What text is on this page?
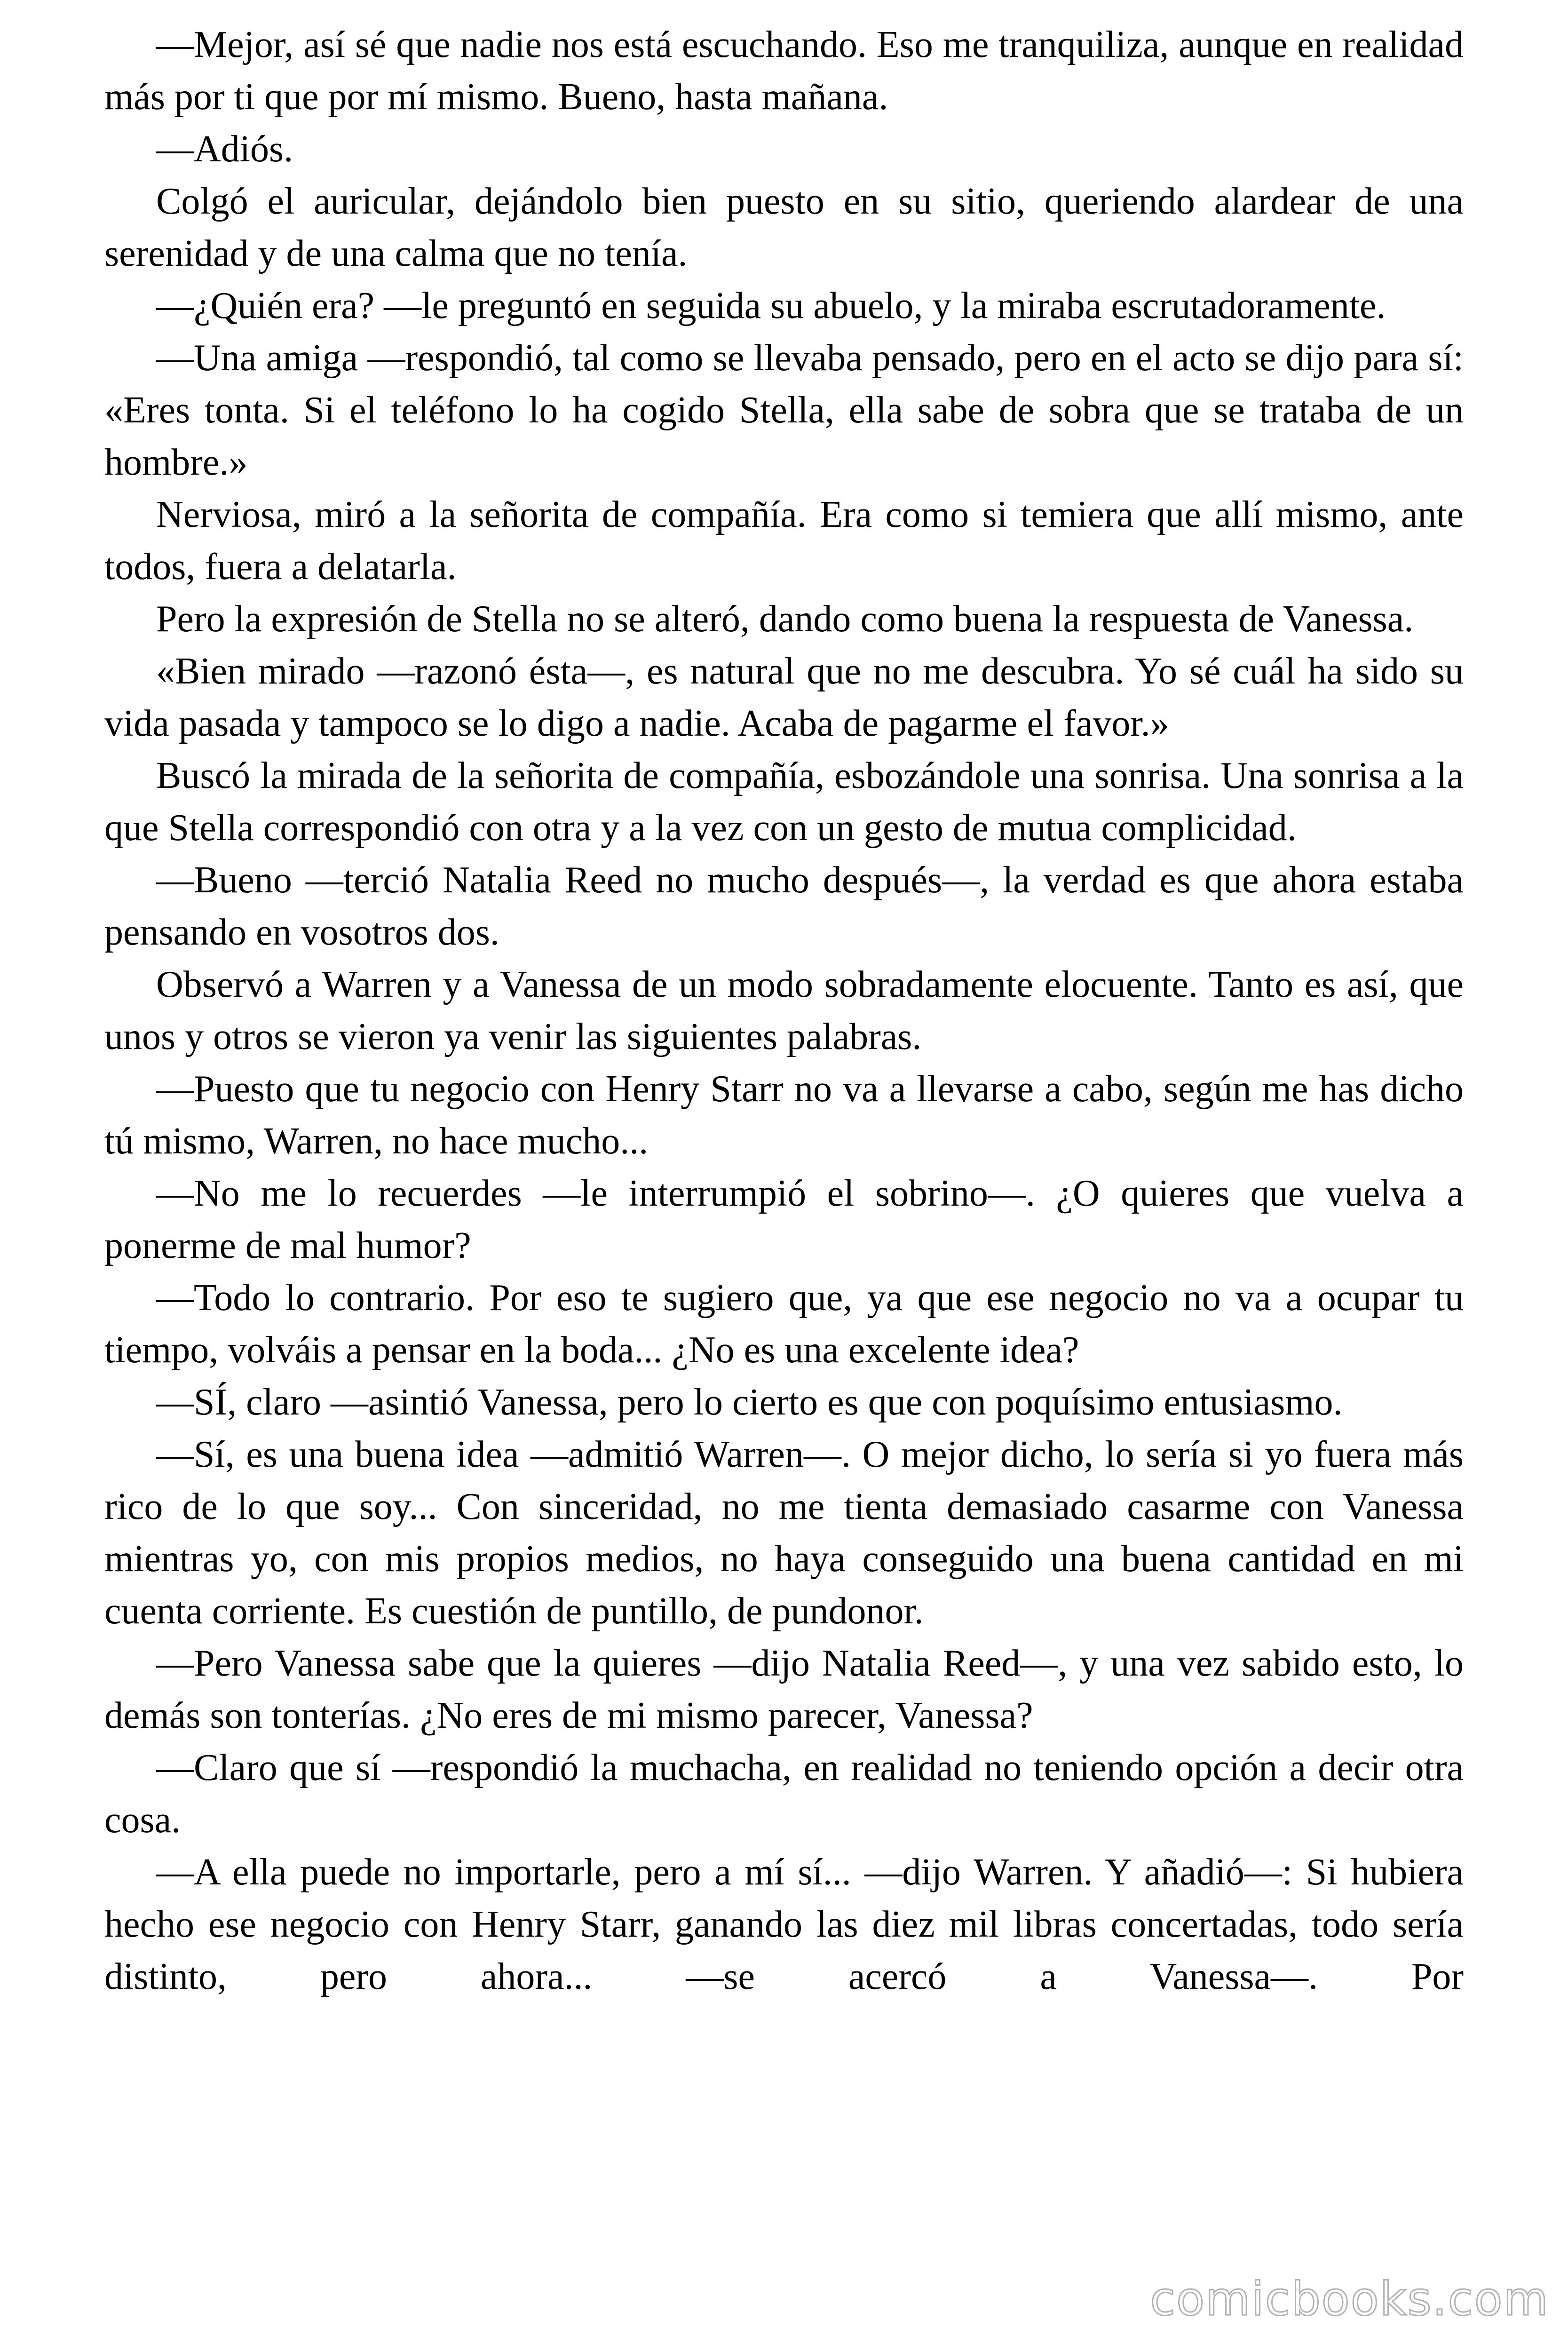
—Mejor, así sé que nadie nos está escuchando. Eso me tranquiliza, aunque en realidad más por ti que por mí mismo. Bueno, hasta mañana.

—Adiós.

Colgó el auricular, dejándolo bien puesto en su sitio, queriendo alardear de una serenidad y de una calma que no tenía.

—¿Quién era? —le preguntó en seguida su abuelo, y la miraba escrutadoramente.

—Una amiga —respondió, tal como se llevaba pensado, pero en el acto se dijo para sí: «Eres tonta. Si el teléfono lo ha cogido Stella, ella sabe de sobra que se trataba de un hombre.»

Nerviosa, miró a la señorita de compañía. Era como si temiera que allí mismo, ante todos, fuera a delatarla.

Pero la expresión de Stella no se alteró, dando como buena la respuesta de Vanessa.

«Bien mirado —razonó ésta—, es natural que no me descubra. Yo sé cuál ha sido su vida pasada y tampoco se lo digo a nadie. Acaba de pagarme el favor.»

Buscó la mirada de la señorita de compañía, esbozándole una sonrisa. Una sonrisa a la que Stella correspondió con otra y a la vez con un gesto de mutua complicidad.

—Bueno —terció Natalia Reed no mucho después—, la verdad es que ahora estaba pensando en vosotros dos.

Observó a Warren y a Vanessa de un modo sobradamente elocuente. Tanto es así, que unos y otros se vieron ya venir las siguientes palabras.

—Puesto que tu negocio con Henry Starr no va a llevarse a cabo, según me has dicho tú mismo, Warren, no hace mucho...

—No me lo recuerdes —le interrumpió el sobrino—. ¿O quieres que vuelva a ponerme de mal humor?

—Todo lo contrario. Por eso te sugiero que, ya que ese negocio no va a ocupar tu tiempo, volváis a pensar en la boda... ¿No es una excelente idea?

—SÍ, claro —asintió Vanessa, pero lo cierto es que con poquísimo entusiasmo.

—Sí, es una buena idea —admitió Warren—. O mejor dicho, lo sería si yo fuera más rico de lo que soy... Con sinceridad, no me tienta demasiado casarme con Vanessa mientras yo, con mis propios medios, no haya conseguido una buena cantidad en mi cuenta corriente. Es cuestión de puntillo, de pundonor.

—Pero Vanessa sabe que la quieres —dijo Natalia Reed—, y una vez sabido esto, lo demás son tonterías. ¿No eres de mi mismo parecer, Vanessa?

—Claro que sí —respondió la muchacha, en realidad no teniendo opción a decir otra cosa.

—A ella puede no importarle, pero a mí sí... —dijo Warren. Y añadió—: Si hubiera hecho ese negocio con Henry Starr, ganando las diez mil libras concertadas, todo sería distinto, pero ahora... —se acercó a Vanessa—. Por

comicbooks.com
